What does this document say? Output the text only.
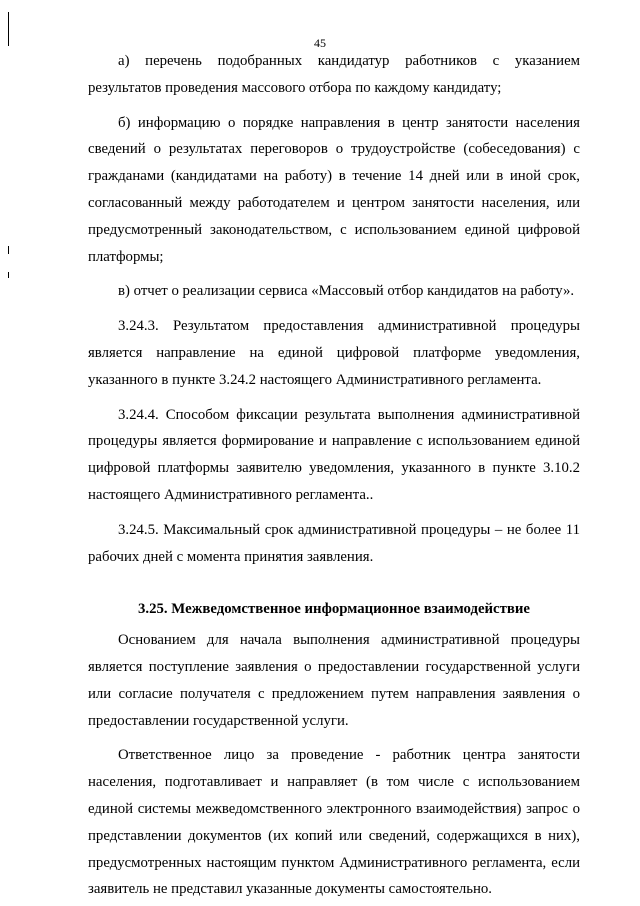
45

а) перечень подобранных кандидатур работников с указанием результатов проведения массового отбора по каждому кандидату;

б) информацию о порядке направления в центр занятости населения сведений о результатах переговоров о трудоустройстве (собеседования) с гражданами (кандидатами на работу) в течение 14 дней или в иной срок, согласованный между работодателем и центром занятости населения, или предусмотренный законодательством, с использованием единой цифровой платформы;

в) отчет о реализации сервиса «Массовый отбор кандидатов на работу».

3.24.3. Результатом предоставления административной процедуры является направление на единой цифровой платформе уведомления, указанного в пункте 3.24.2 настоящего Административного регламента.

3.24.4. Способом фиксации результата выполнения административной процедуры является формирование и направление с использованием единой цифровой платформы заявителю уведомления, указанного в пункте 3.10.2 настоящего Административного регламента..

3.24.5. Максимальный срок административной процедуры – не более 11 рабочих дней с момента принятия заявления.

3.25. Межведомственное информационное взаимодействие

Основанием для начала выполнения административной процедуры является поступление заявления о предоставлении государственной услуги или согласие получателя с предложением путем направления заявления о предоставлении государственной услуги.

Ответственное лицо за проведение - работник центра занятости населения, подготавливает и направляет (в том числе с использованием единой системы межведомственного электронного взаимодействия) запрос о представлении документов (их копий или сведений, содержащихся в них), предусмотренных настоящим пунктом Административного регламента, если заявитель не представил указанные документы самостоятельно.
